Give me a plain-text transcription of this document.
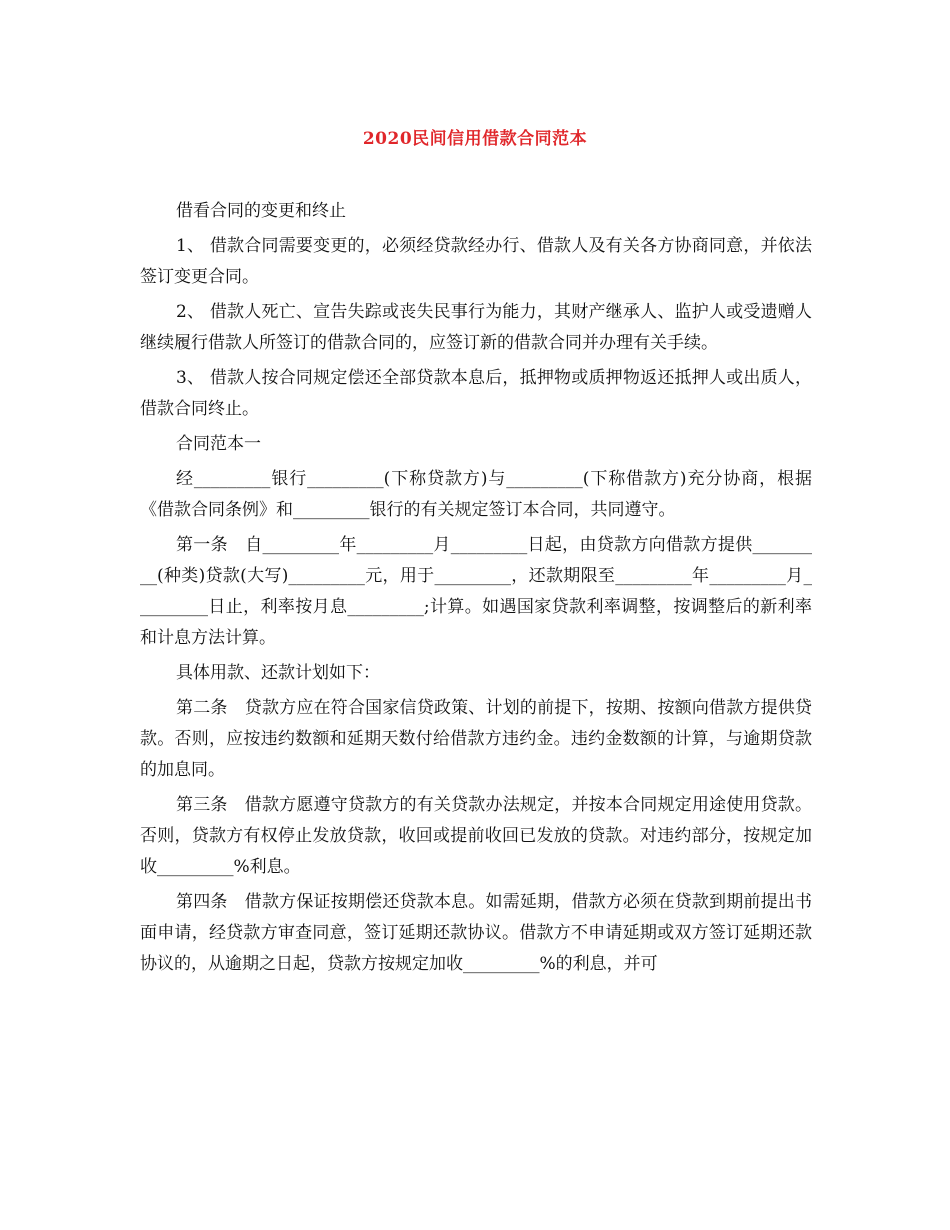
2020民间信用借款合同范本

借看合同的变更和终止

1、 借款合同需要变更的，必须经贷款经办行、借款人及有关各方协商同意，并依法签订变更合同。

2、 借款人死亡、宣告失踪或丧失民事行为能力，其财产继承人、监护人或受遗赠人继续履行借款人所签订的借款合同的，应签订新的借款合同并办理有关手续。

3、 借款人按合同规定偿还全部贷款本息后，抵押物或质押物返还抵押人或出质人，借款合同终止。

合同范本一

经_________银行_________(下称贷款方)与_________(下称借款方)充分协商，根据《借款合同条例》和_________银行的有关规定签订本合同，共同遵守。

第一条　自_________年_________月_________日起，由贷款方向借款方提供_________(种类)贷款(大写)_________元，用于_________，还款期限至_________年_________月_________日止，利率按月息_________;计算。如遇国家贷款利率调整，按调整后的新利率和计息方法计算。

具体用款、还款计划如下：

第二条　贷款方应在符合国家信贷政策、计划的前提下，按期、按额向借款方提供贷款。否则，应按违约数额和延期天数付给借款方违约金。违约金数额的计算，与逾期贷款的加息同。

第三条　借款方愿遵守贷款方的有关贷款办法规定，并按本合同规定用途使用贷款。否则，贷款方有权停止发放贷款，收回或提前收回已发放的贷款。对违约部分，按规定加收_________%利息。

第四条　借款方保证按期偿还贷款本息。如需延期，借款方必须在贷款到期前提出书面申请，经贷款方审查同意，签订延期还款协议。借款方不申请延期或双方签订延期还款协议的，从逾期之日起，贷款方按规定加收_________%的利息，并可
